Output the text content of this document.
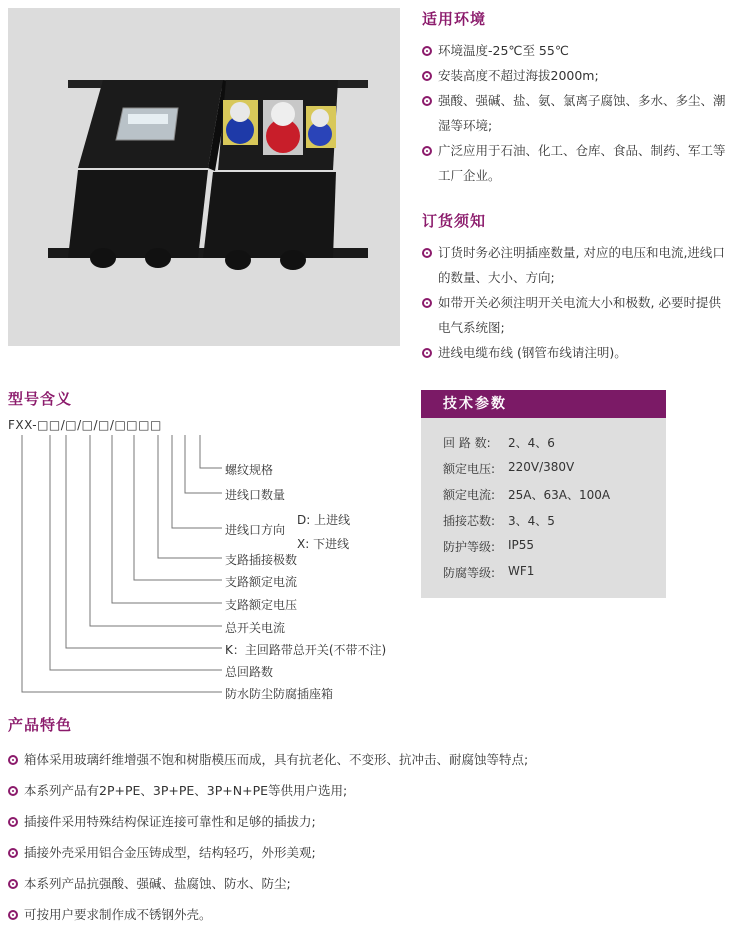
适用环境
环境温度-25℃至 55℃
安装高度不超过海拔2000m;
强酸、强碱、盐、氨、氯离子腐蚀、多水、多尘、潮湿等环境;
广泛应用于石油、化工、仓库、食品、制药、军工等工厂企业。
订货须知
订货时务必注明插座数量, 对应的电压和电流,进线口的数量、大小、方向;
如带开关必须注明开关电流大小和极数, 必要时提供电气系统图;
进线电缆布线 (钢管布线请注明)。
型号含义
FXX-□□/□/□/□/□□□□
螺纹规格
进线口数量
进线口方向
D: 上进线
X: 下进线
支路插接极数
支路额定电流
支路额定电压
总开关电流
K：主回路带总开关(不带不注)
总回路数
防水防尘防腐插座箱
技术参数
回 路 数: 2、4、6
额定电压: 220V/380V
额定电流: 25A、63A、100A
插接芯数: 3、4、5
防护等级: IP55
防腐等级: WF1
产品特色
箱体采用玻璃纤维增强不饱和树脂模压而成，具有抗老化、不变形、抗冲击、耐腐蚀等特点;
本系列产品有2P+PE、3P+PE、3P+N+PE等供用户选用;
插接件采用特殊结构保证连接可靠性和足够的插拔力;
插接外壳采用铝合金压铸成型，结构轻巧，外形美观;
本系列产品抗强酸、强碱、盐腐蚀、防水、防尘;
可按用户要求制作成不锈钢外壳。
